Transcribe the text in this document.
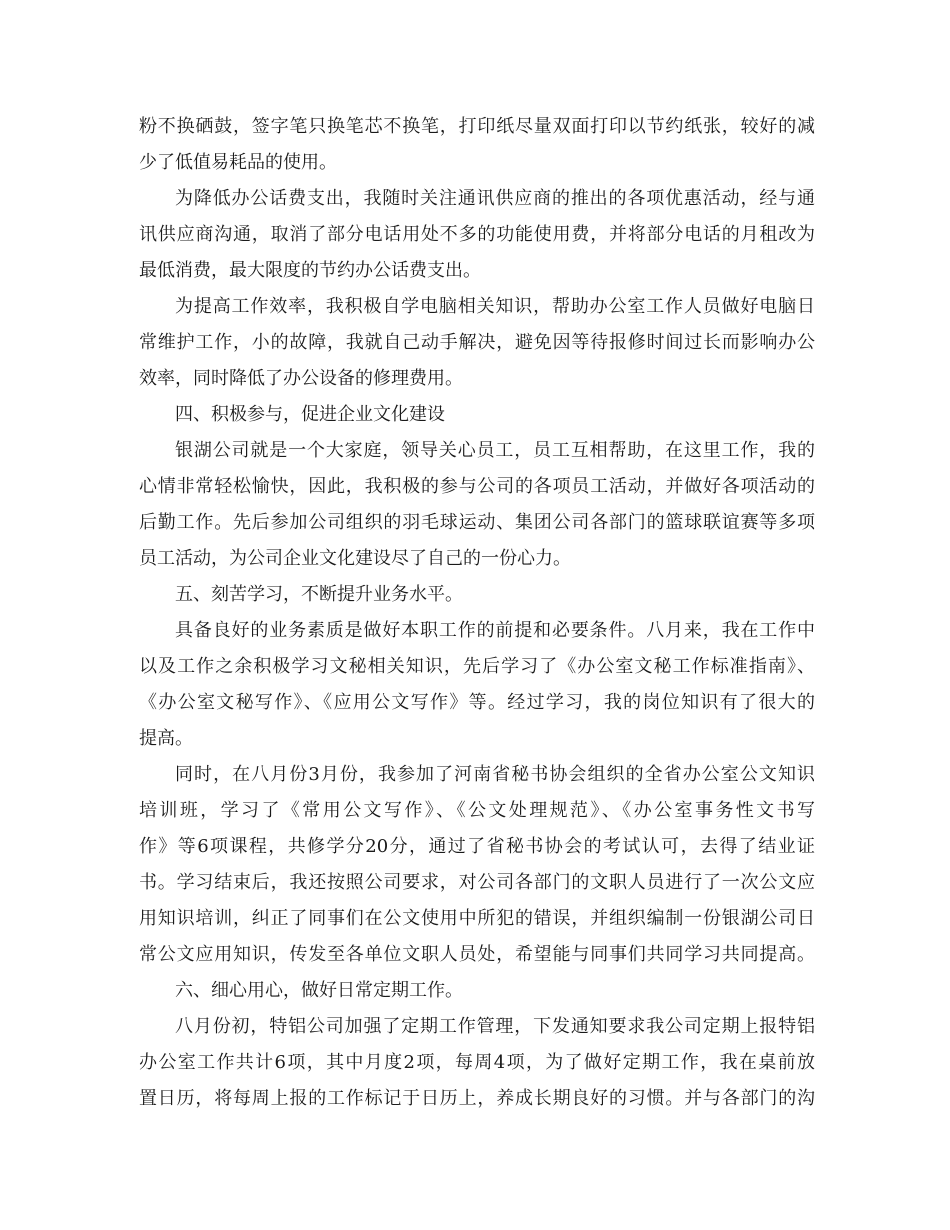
粉不换硒鼓，签字笔只换笔芯不换笔，打印纸尽量双面打印以节约纸张，较好的减

少了低值易耗品的使用。

为降低办公话费支出，我随时关注通讯供应商的推出的各项优惠活动，经与通

讯供应商沟通，取消了部分电话用处不多的功能使用费，并将部分电话的月租改为

最低消费，最大限度的节约办公话费支出。

为提高工作效率，我积极自学电脑相关知识，帮助办公室工作人员做好电脑日

常维护工作，小的故障，我就自己动手解决，避免因等待报修时间过长而影响办公

效率，同时降低了办公设备的修理费用。

四、积极参与，促进企业文化建设

银湖公司就是一个大家庭，领导关心员工，员工互相帮助，在这里工作，我的

心情非常轻松愉快，因此，我积极的参与公司的各项员工活动，并做好各项活动的

后勤工作。先后参加公司组织的羽毛球运动、集团公司各部门的篮球联谊赛等多项

员工活动，为公司企业文化建设尽了自己的一份心力。

五、刻苦学习，不断提升业务水平。

具备良好的业务素质是做好本职工作的前提和必要条件。八月来，我在工作中

以及工作之余积极学习文秘相关知识，先后学习了《办公室文秘工作标准指南》、

《办公室文秘写作》、《应用公文写作》等。经过学习，我的岗位知识有了很大的

提高。

同时，在八月份3月份，我参加了河南省秘书协会组织的全省办公室公文知识

培训班，学习了《常用公文写作》、《公文处理规范》、《办公室事务性文书写

作》等6项课程，共修学分20分，通过了省秘书协会的考试认可，去得了结业证

书。学习结束后，我还按照公司要求，对公司各部门的文职人员进行了一次公文应

用知识培训，纠正了同事们在公文使用中所犯的错误，并组织编制一份银湖公司日

常公文应用知识，传发至各单位文职人员处，希望能与同事们共同学习共同提高。

六、细心用心，做好日常定期工作。

八月份初，特铝公司加强了定期工作管理，下发通知要求我公司定期上报特铝

办公室工作共计6项，其中月度2项，每周4项，为了做好定期工作，我在桌前放

置日历，将每周上报的工作标记于日历上，养成长期良好的习惯。并与各部门的沟
